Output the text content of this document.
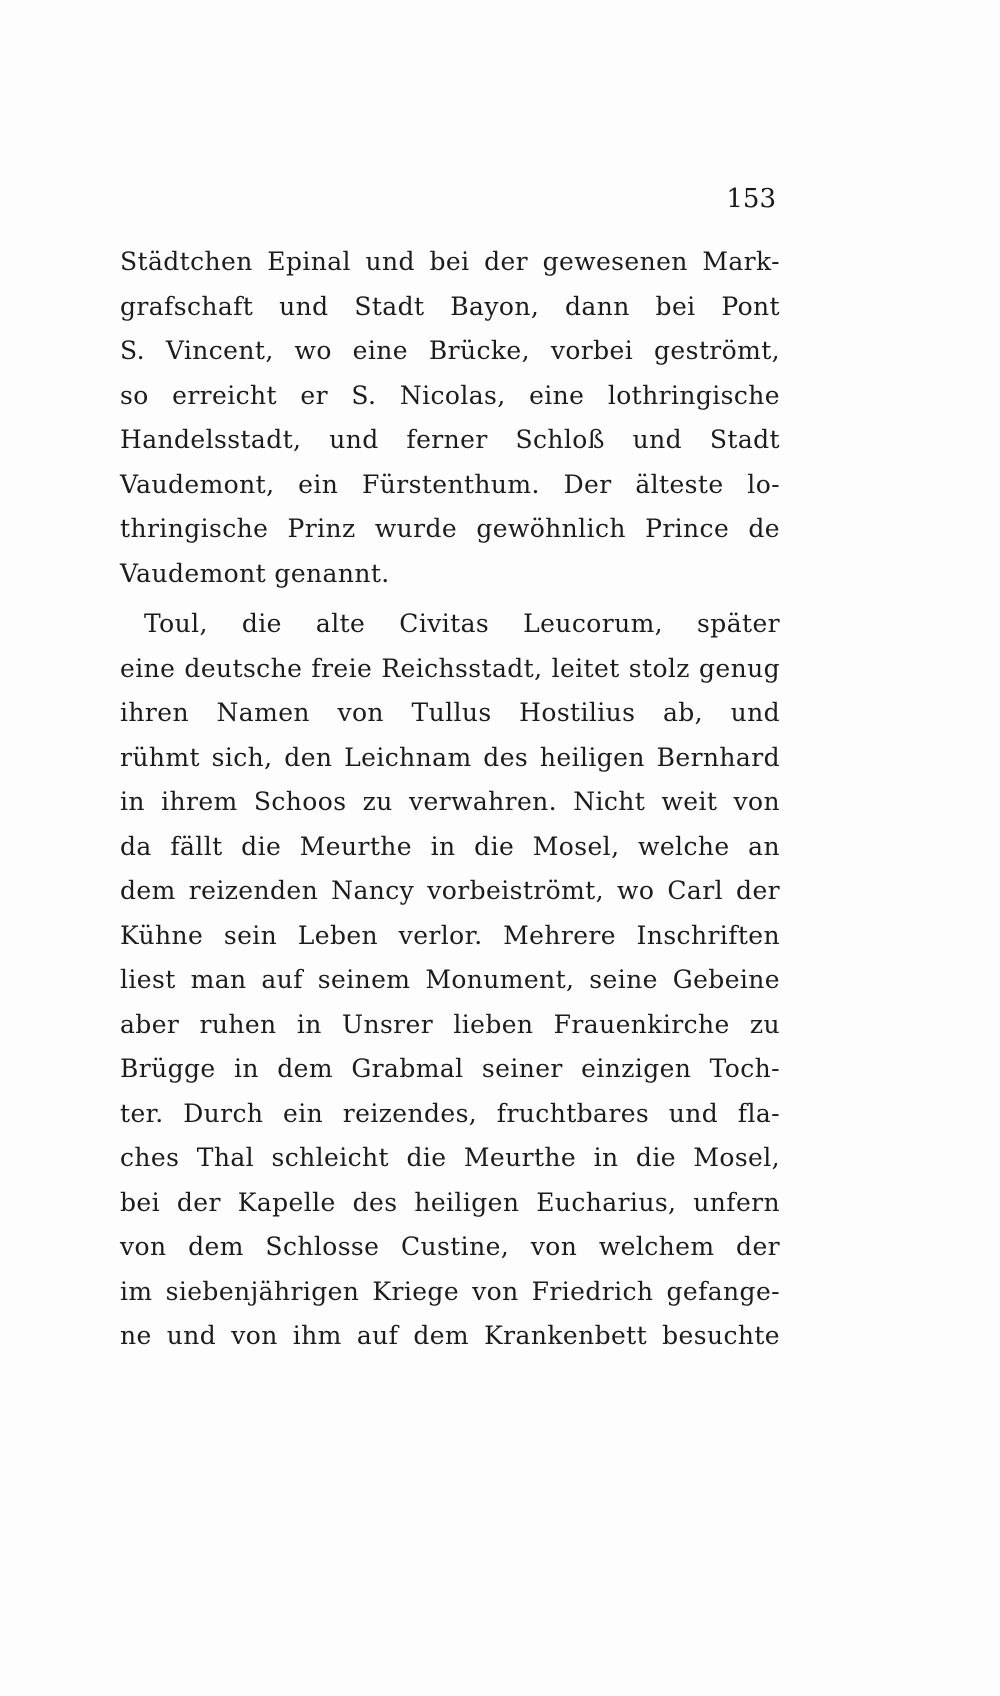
153
Städtchen Epinal und bei der gewesenen Mark-
grafschaft und Stadt Bayon, dann bei Pont
S. Vincent, wo eine Brücke, vorbei geströmt,
so erreicht er S. Nicolas, eine lothringische
Handelsstadt, und ferner Schloß und Stadt
Vaudemont, ein Fürstenthum. Der älteste lo-
thringische Prinz wurde gewöhnlich Prince de
Vaudemont genannt.
Toul, die alte Civitas Leucorum, später
eine deutsche freie Reichsstadt, leitet stolz genug
ihren Namen von Tullus Hostilius ab, und
rühmt sich, den Leichnam des heiligen Bernhard
in ihrem Schoos zu verwahren. Nicht weit von
da fällt die Meurthe in die Mosel, welche an
dem reizenden Nancy vorbeiströmt, wo Carl der
Kühne sein Leben verlor. Mehrere Inschriften
liest man auf seinem Monument, seine Gebeine
aber ruhen in Unsrer lieben Frauenkirche zu
Brügge in dem Grabmal seiner einzigen Toch-
ter. Durch ein reizendes, fruchtbares und fla-
ches Thal schleicht die Meurthe in die Mosel,
bei der Kapelle des heiligen Eucharius, unfern
von dem Schlosse Custine, von welchem der
im siebenjährigen Kriege von Friedrich gefange-
ne und von ihm auf dem Krankenbett besuchte
